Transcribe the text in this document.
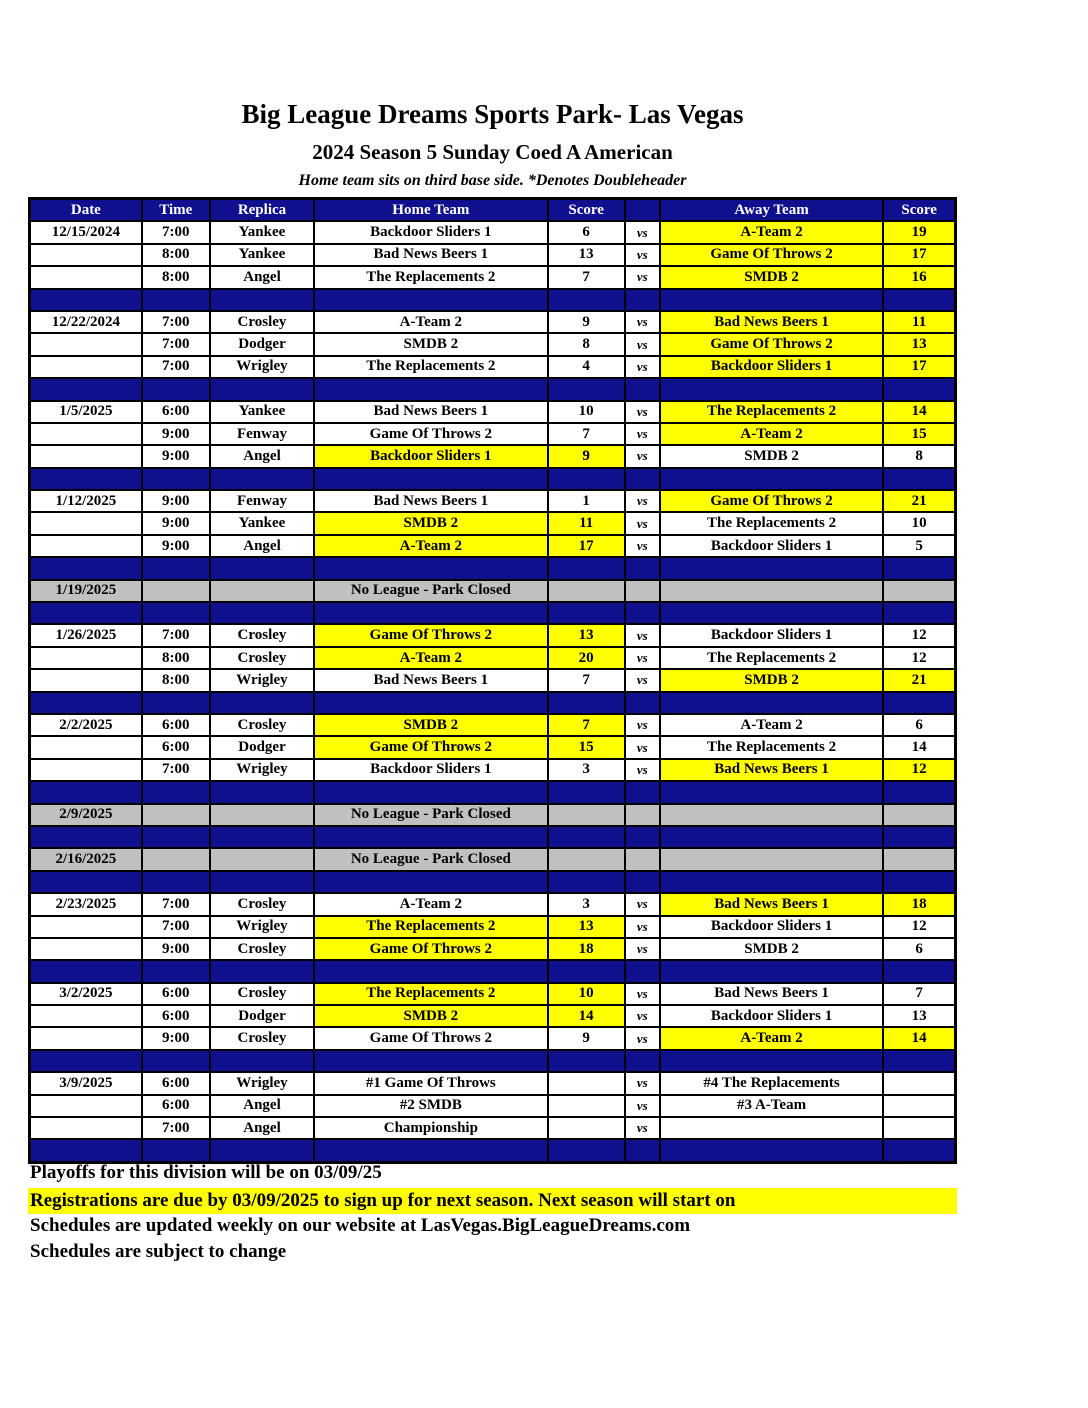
Big League Dreams Sports Park- Las Vegas
2024 Season 5 Sunday Coed A American
Home team sits on third base side. *Denotes Doubleheader
Date	Time	Replica	Home Team	Score		Away Team	Score
12/15/2024	7:00	Yankee	Backdoor Sliders 1	6	vs	A-Team 2	19
	8:00	Yankee	Bad News Beers 1	13	vs	Game Of Throws 2	17
	8:00	Angel	The Replacements 2	7	vs	SMDB 2	16

12/22/2024	7:00	Crosley	A-Team 2	9	vs	Bad News Beers 1	11
	7:00	Dodger	SMDB 2	8	vs	Game Of Throws 2	13
	7:00	Wrigley	The Replacements 2	4	vs	Backdoor Sliders 1	17

1/5/2025	6:00	Yankee	Bad News Beers 1	10	vs	The Replacements 2	14
	9:00	Fenway	Game Of Throws 2	7	vs	A-Team 2	15
	9:00	Angel	Backdoor Sliders 1	9	vs	SMDB 2	8

1/12/2025	9:00	Fenway	Bad News Beers 1	1	vs	Game Of Throws 2	21
	9:00	Yankee	SMDB 2	11	vs	The Replacements 2	10
	9:00	Angel	A-Team 2	17	vs	Backdoor Sliders 1	5

1/19/2025			No League - Park Closed				

1/26/2025	7:00	Crosley	Game Of Throws 2	13	vs	Backdoor Sliders 1	12
	8:00	Crosley	A-Team 2	20	vs	The Replacements 2	12
	8:00	Wrigley	Bad News Beers 1	7	vs	SMDB 2	21

2/2/2025	6:00	Crosley	SMDB 2	7	vs	A-Team 2	6
	6:00	Dodger	Game Of Throws 2	15	vs	The Replacements 2	14
	7:00	Wrigley	Backdoor Sliders 1	3	vs	Bad News Beers 1	12

2/9/2025			No League - Park Closed				

2/16/2025			No League - Park Closed				

2/23/2025	7:00	Crosley	A-Team 2	3	vs	Bad News Beers 1	18
	7:00	Wrigley	The Replacements 2	13	vs	Backdoor Sliders 1	12
	9:00	Crosley	Game Of Throws 2	18	vs	SMDB 2	6

3/2/2025	6:00	Crosley	The Replacements 2	10	vs	Bad News Beers 1	7
	6:00	Dodger	SMDB 2	14	vs	Backdoor Sliders 1	13
	9:00	Crosley	Game Of Throws 2	9	vs	A-Team 2	14

3/9/2025	6:00	Wrigley	#1 Game Of Throws		vs	#4 The Replacements	
	6:00	Angel	#2 SMDB		vs	#3 A-Team	
	7:00	Angel	Championship		vs		

Playoffs for this division will be on 03/09/25
Registrations are due by 03/09/2025 to sign up for next season. Next season will start on
Schedules are updated weekly on our website at LasVegas.BigLeagueDreams.com
Schedules are subject to change
